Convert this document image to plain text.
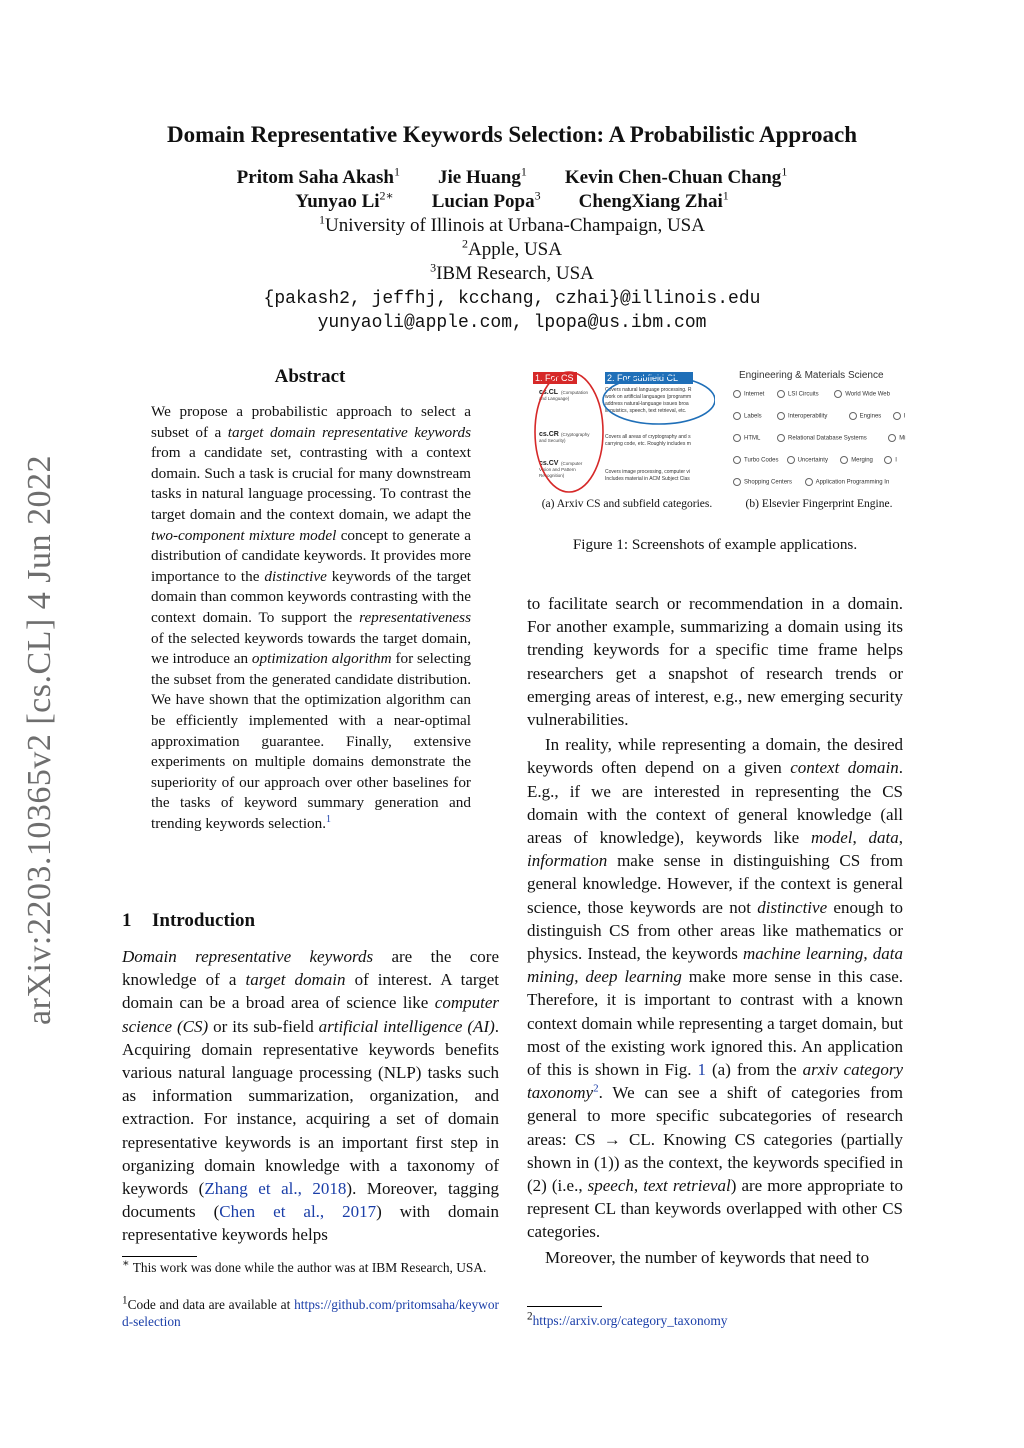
arXiv:2203.10365v2 [cs.CL] 4 Jun 2022
Domain Representative Keywords Selection: A Probabilistic Approach
Pritom Saha Akash$^1$ Jie Huang$^1$ Kevin Chen-Chuan Chang$^1$
Yunyao $Li^{2∗}$ Lucian Popa$^3$ ChengXiang Zhai$^1$
$^1$University of Illinois at Urbana-Champaign, USA
$^2$Apple, USA
$^3$IBM Research, USA
{pakash2, jeffhj, kcchang, czhai}@illinois.edu
yunyaoli@apple.com, lpopa@us.ibm.com
Abstract
We propose a probabilistic approach to select a subset of a target domain representative keywords from a candidate set, contrasting with a context domain. Such a task is crucial for many downstream tasks in natural language processing. To contrast the target domain and the context domain, we adapt the two-component mixture model concept to generate a distribution of candidate keywords. It provides more importance to the distinctive keywords of the target domain than common keywords contrasting with the context domain. To support the representativeness of the selected keywords towards the target domain, we introduce an optimization algorithm for selecting the subset from the generated candidate distribution. We have shown that the optimization algorithm can be efficiently implemented with a near-optimal approximation guarantee. Finally, extensive experiments on multiple domains demonstrate the superiority of our approach over other baselines for the tasks of keyword summary generation and trending keywords selection.$^1$
1 Introduction

Domain representative keywords are the core knowledge of a target domain of interest. A target domain can be a broad area of science like computer science (CS) or its sub-field artificial intelligence (AI). Acquiring domain representative keywords benefits various natural language processing (NLP) tasks such as information summarization, organization, and extraction. For instance, acquiring a set of domain representative keywords is an important first step in organizing domain knowledge with a taxonomy of keywords (Zhang et al., 2018). Moreover, tagging documents (Chen et al., 2017) with domain representative keywords helps

∗ This work was done while the author was at IBM Research, USA.
$^1$Code and data are available at https://github.com/pritomsaha/keyword-selection
1. For CS	2. For subfield CL
cs.CL
cs.CR
cs.CV
(Computation
and Language)
(Cryptography
and Security)
(Computer
Vision and Pattern
Recognition)
Covers natural language processing. R
work on artificial languages (programm
address natural-language issues broa
linguistics, speech, text retrieval, etc.
Covers all areas of cryptography and s
carrying code, etc. Roughly includes m
Covers image processing, computer vi
Includes material in ACM Subject Clas
Engineering & Materials Science
Internet	LSI Circuits	World Wide Web
Labels	Interoperability	Engines	I
HTML	Relational Database Systems	Mi
Turbo Codes	Uncertainty	Merging	I
Shopping Centers	Application Programming In
(a) Arxiv CS and subfield categories.	(b) Elsevier Fingerprint Engine.
Figure 1: Screenshots of example applications.

to facilitate search or recommendation in a domain. For another example, summarizing a domain using its trending keywords for a specific time frame helps researchers get a snapshot of research trends or emerging areas of interest, e.g., new emerging security vulnerabilities.

In reality, while representing a domain, the desired keywords often depend on a given context domain. E.g., if we are interested in representing the CS domain with the context of general knowledge (all areas of knowledge), keywords like model, data, information make sense in distinguishing CS from general knowledge. However, if the context is general science, those keywords are not distinctive enough to distinguish CS from other areas like mathematics or physics. Instead, the keywords machine learning, data mining, deep learning make more sense in this case. Therefore, it is important to contrast with a known context domain while representing a target domain, but most of the existing work ignored this. An application of this is shown in Fig. 1 (a) from the arxiv category taxonomy$^2$. We can see a shift of categories from general to more specific subcategories of research areas: CS → CL. Knowing CS categories (partially shown in (1)) as the context, the keywords specified in (2) (i.e., speech, text retrieval) are more appropriate to represent CL than keywords overlapped with other CS categories.

Moreover, the number of keywords that need to

$^2$https://arxiv.org/category_taxonomy
